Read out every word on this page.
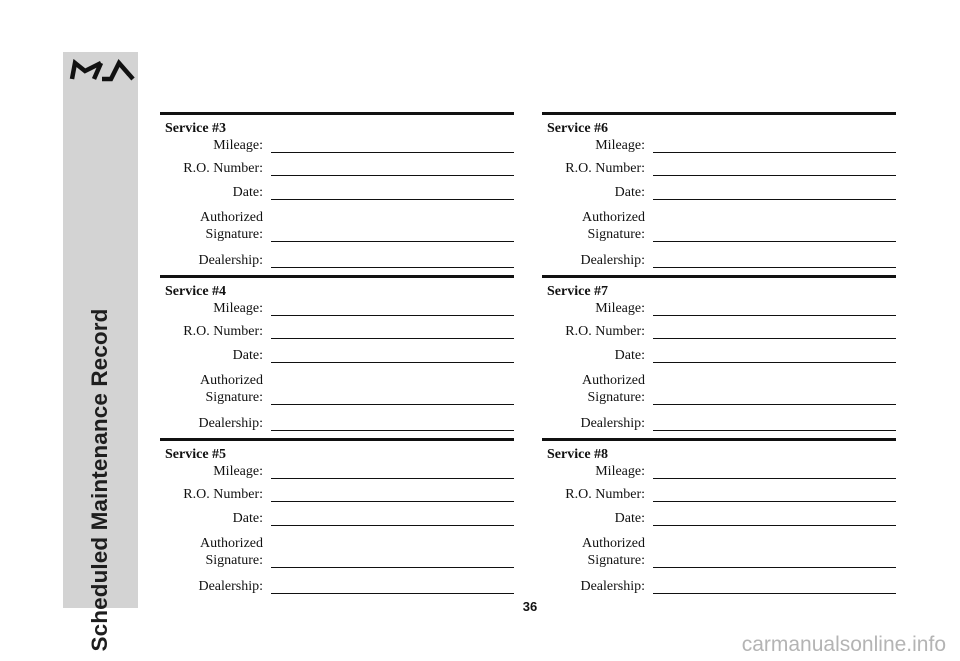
Scheduled Maintenance Record
Service #3
Mileage:
R.O. Number:
Date:
Authorized
Signature:
Dealership:
Service #4
Mileage:
R.O. Number:
Date:
Authorized
Signature:
Dealership:
Service #5
Mileage:
R.O. Number:
Date:
Authorized
Signature:
Dealership:
Service #6
Mileage:
R.O. Number:
Date:
Authorized
Signature:
Dealership:
Service #7
Mileage:
R.O. Number:
Date:
Authorized
Signature:
Dealership:
Service #8
Mileage:
R.O. Number:
Date:
Authorized
Signature:
Dealership:
36
carmanualsonline.info
